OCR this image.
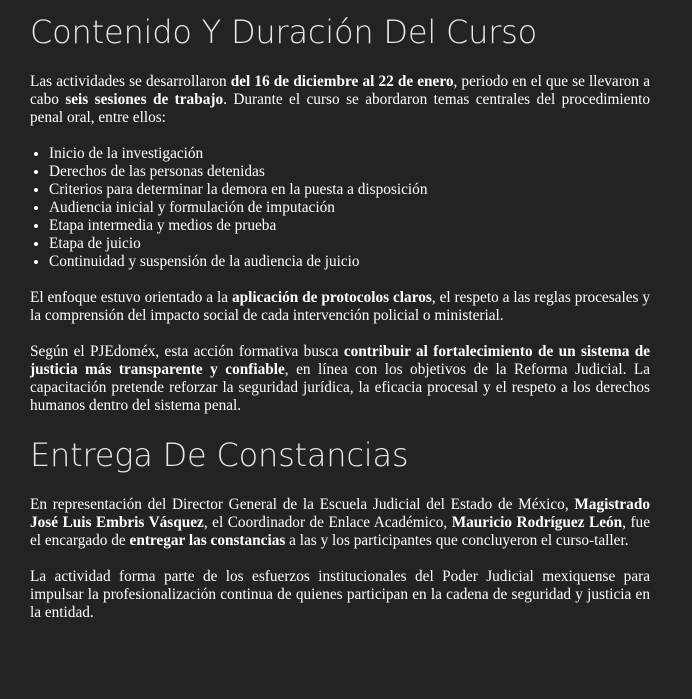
Contenido Y Duración Del Curso

Las actividades se desarrollaron del 16 de diciembre al 22 de enero, periodo en el que se llevaron a cabo seis sesiones de trabajo. Durante el curso se abordaron temas centrales del procedimiento penal oral, entre ellos:

• Inicio de la investigación
• Derechos de las personas detenidas
• Criterios para determinar la demora en la puesta a disposición
• Audiencia inicial y formulación de imputación
• Etapa intermedia y medios de prueba
• Etapa de juicio
• Continuidad y suspensión de la audiencia de juicio

El enfoque estuvo orientado a la aplicación de protocolos claros, el respeto a las reglas procesales y la comprensión del impacto social de cada intervención policial o ministerial.

Según el PJEdoméx, esta acción formativa busca contribuir al fortalecimiento de un sistema de justicia más transparente y confiable, en línea con los objetivos de la Reforma Judicial. La capacitación pretende reforzar la seguridad jurídica, la eficacia procesal y el respeto a los derechos humanos dentro del sistema penal.

Entrega De Constancias

En representación del Director General de la Escuela Judicial del Estado de México, Magistrado José Luis Embris Vásquez, el Coordinador de Enlace Académico, Mauricio Rodríguez León, fue el encargado de entregar las constancias a las y los participantes que concluyeron el curso-taller.

La actividad forma parte de los esfuerzos institucionales del Poder Judicial mexiquense para impulsar la profesionalización continua de quienes participan en la cadena de seguridad y justicia en la entidad.
